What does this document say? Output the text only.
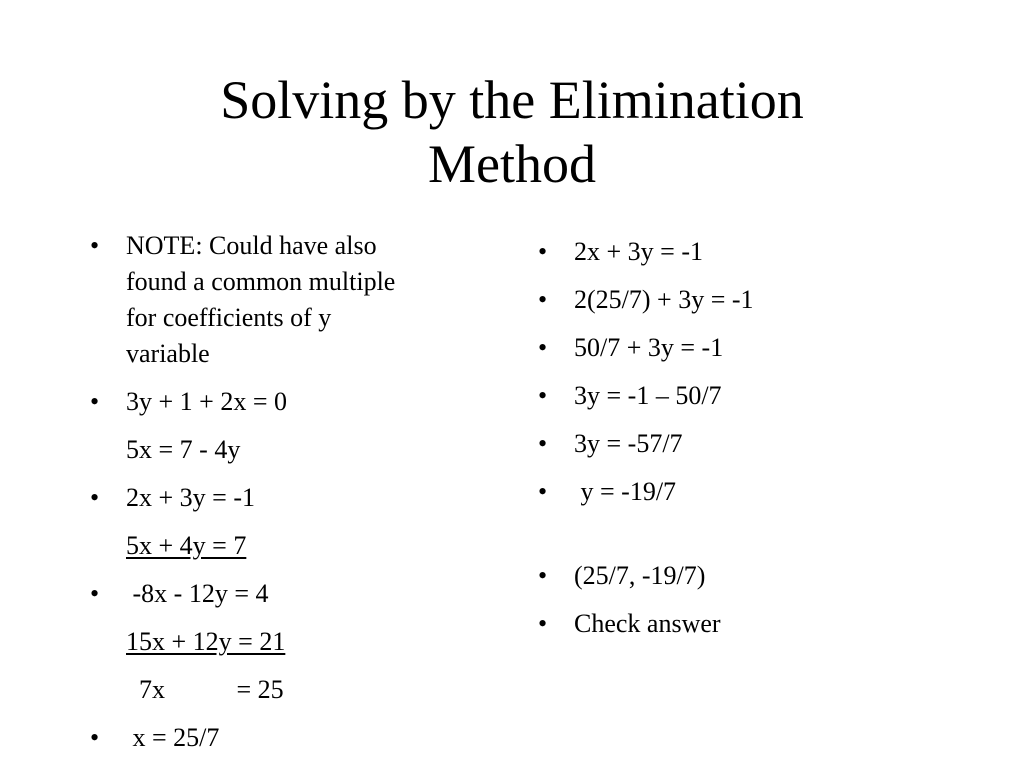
Solving by the Elimination
Method
• NOTE: Could have also
found a common multiple
for coefficients of y
variable
• 3y + 1 + 2x = 0
5x = 7 - 4y
• 2x + 3y = -1
5x + 4y = 7
• -8x - 12y = 4
15x + 12y = 21
7x           = 25
• x = 25/7
• 2x + 3y = -1
• 2(25/7) + 3y = -1
• 50/7 + 3y = -1
• 3y = -1 – 50/7
• 3y = -57/7
• y = -19/7
• (25/7, -19/7)
• Check answer
